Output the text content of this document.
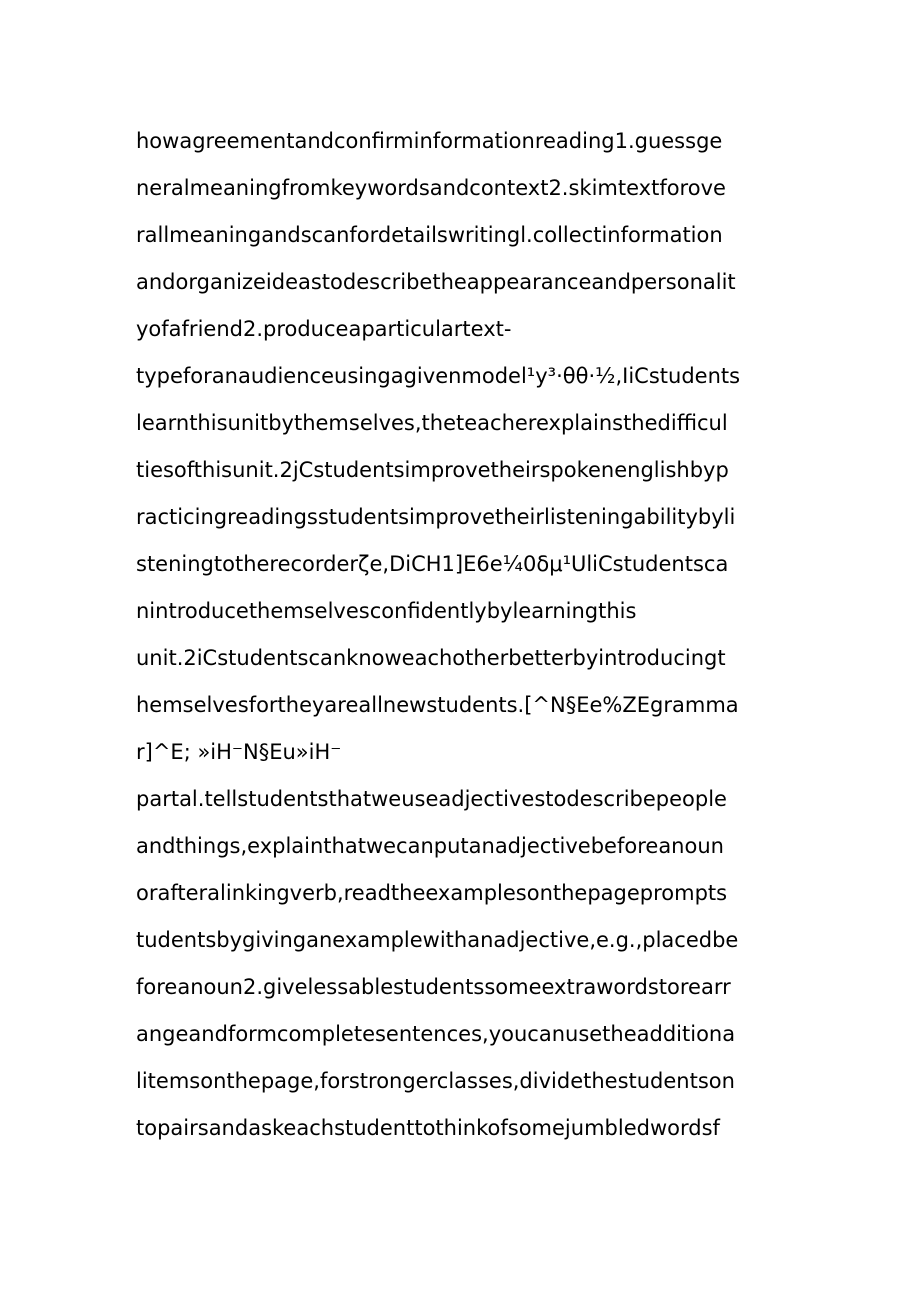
howagreementandconfirminformationreading1.guessge
neralmeaningfromkeywordsandcontext2.skimtextforove
rallmeaningandscanfordetailswritingl.collectinformation
andorganizeideastodescribetheappearanceandpersonalit
yofafriend2.produceaparticulartext-
typeforanaudienceusingagivenmodel¹y³·θθ·½,IiCstudents
learnthisunitbythemselves,theteacherexplainsthedifficul
tiesofthisunit.2jCstudentsimprovetheirspokenenglishbyp
racticingreadingsstudentsimprovetheirlisteningabilitybyli
steningtotherecorderζe,DiCH1]E6e¼0δμ¹UliCstudentsca
nintroducethemselvesconfidentlybylearningthis
unit.2iCstudentscanknoweachotherbetterbyintroducingt
hemselvesfortheyareallnewstudents.[^N§Ee%ZEgramma
r]^E; »iH⁻N§Eu»iH⁻
partal.tellstudentsthatweuseadjectivestodescribepeople
andthings,explainthatwecanputanadjectivebeforeanoun
orafteralinkingverb,readtheexamplesonthepageprompts
tudentsbygivinganexamplewithanadjective,e.g.,placedbe
foreanoun2.givelessablestudentssomeextrawordstorearr
angeandformcompletesentences,youcanusetheadditiona
litemsonthepage,forstrongerclasses,dividethestudentson
topairsandaskeachstudenttothinkofsomejumbledwordsf
